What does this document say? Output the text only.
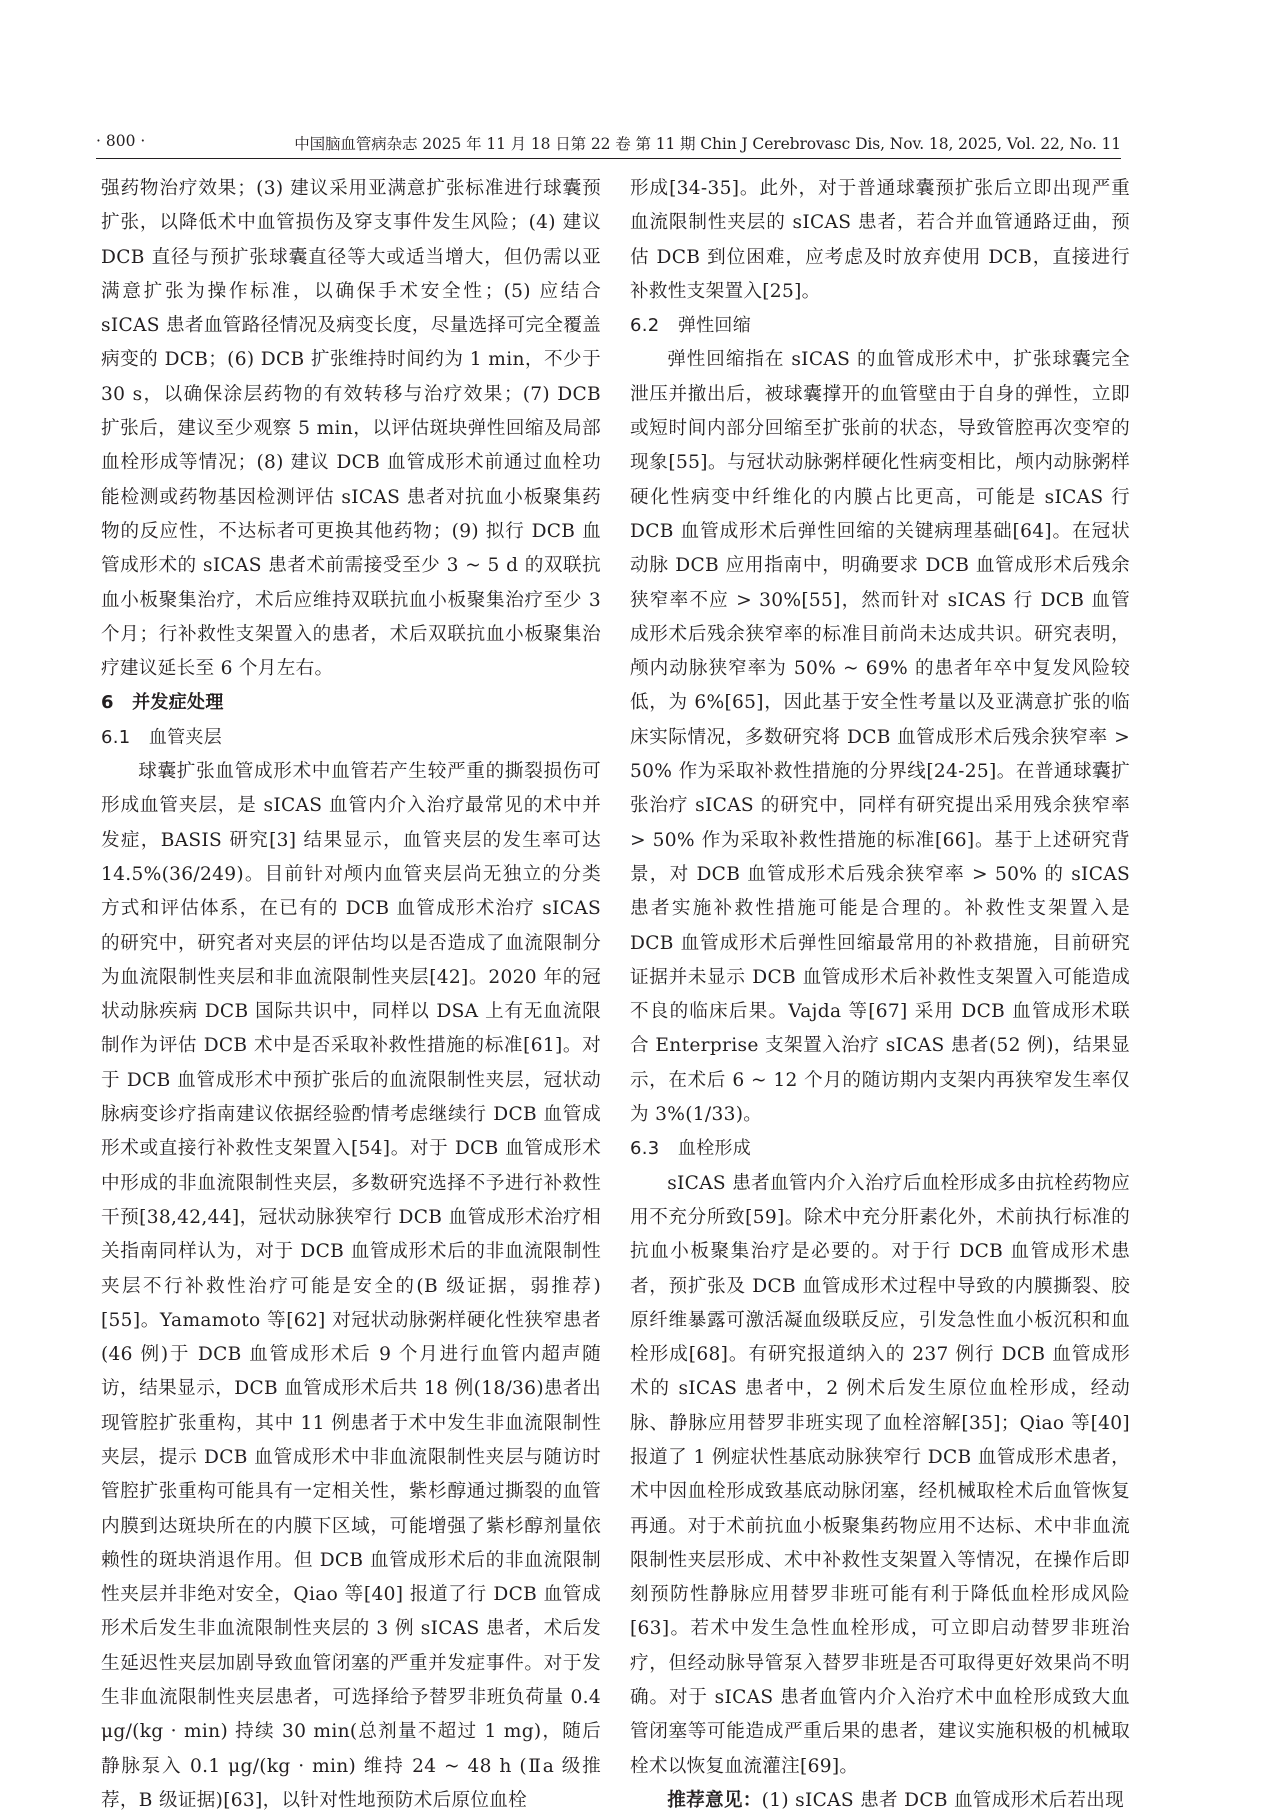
· 800 ·	中国脑血管病杂志 2025 年 11 月 18 日第 22 卷 第 11 期 Chin J Cerebrovasc Dis, Nov. 18, 2025, Vol. 22, No. 11

强药物治疗效果；(3) 建议采用亚满意扩张标准进行球囊预扩张，以降低术中血管损伤及穿支事件发生风险；(4) 建议 DCB 直径与预扩张球囊直径等大或适当增大，但仍需以亚满意扩张为操作标准，以确保手术安全性；(5) 应结合 sICAS 患者血管路径情况及病变长度，尽量选择可完全覆盖病变的 DCB；(6) DCB 扩张维持时间约为 1 min，不少于 30 s，以确保涂层药物的有效转移与治疗效果；(7) DCB 扩张后，建议至少观察 5 min，以评估斑块弹性回缩及局部血栓形成等情况；(8) 建议 DCB 血管成形术前通过血栓功能检测或药物基因检测评估 sICAS 患者对抗血小板聚集药物的反应性，不达标者可更换其他药物；(9) 拟行 DCB 血管成形术的 sICAS 患者术前需接受至少 3 ~ 5 d 的双联抗血小板聚集治疗，术后应维持双联抗血小板聚集治疗至少 3 个月；行补救性支架置入的患者，术后双联抗血小板聚集治疗建议延长至 6 个月左右。

6　并发症处理
6.1　血管夹层

球囊扩张血管成形术中血管若产生较严重的撕裂损伤可形成血管夹层，是 sICAS 血管内介入治疗最常见的术中并发症，BASIS 研究[3] 结果显示，血管夹层的发生率可达 14.5%(36/249)。目前针对颅内血管夹层尚无独立的分类方式和评估体系，在已有的 DCB 血管成形术治疗 sICAS 的研究中，研究者对夹层的评估均以是否造成了血流限制分为血流限制性夹层和非血流限制性夹层[42]。2020 年的冠状动脉疾病 DCB 国际共识中，同样以 DSA 上有无血流限制作为评估 DCB 术中是否采取补救性措施的标准[61]。对于 DCB 血管成形术中预扩张后的血流限制性夹层，冠状动脉病变诊疗指南建议依据经验酌情考虑继续行 DCB 血管成形术或直接行补救性支架置入[54]。对于 DCB 血管成形术中形成的非血流限制性夹层，多数研究选择不予进行补救性干预[38,42,44]，冠状动脉狭窄行 DCB 血管成形术治疗相关指南同样认为，对于 DCB 血管成形术后的非血流限制性夹层不行补救性治疗可能是安全的(B 级证据，弱推荐)[55]。Yamamoto 等[62] 对冠状动脉粥样硬化性狭窄患者(46 例)于 DCB 血管成形术后 9 个月进行血管内超声随访，结果显示，DCB 血管成形术后共 18 例(18/36)患者出现管腔扩张重构，其中 11 例患者于术中发生非血流限制性夹层，提示 DCB 血管成形术中非血流限制性夹层与随访时管腔扩张重构可能具有一定相关性，紫杉醇通过撕裂的血管内膜到达斑块所在的内膜下区域，可能增强了紫杉醇剂量依赖性的斑块消退作用。但 DCB 血管成形术后的非血流限制性夹层并非绝对安全，Qiao 等[40] 报道了行 DCB 血管成形术后发生非血流限制性夹层的 3 例 sICAS 患者，术后发生延迟性夹层加剧导致血管闭塞的严重并发症事件。对于发生非血流限制性夹层患者，可选择给予替罗非班负荷量 0.4 μg/(kg · min) 持续 30 min(总剂量不超过 1 mg)，随后静脉泵入 0.1 μg/(kg · min) 维持 24 ~ 48 h (Ⅱa 级推荐，B 级证据)[63]，以针对性地预防术后原位血栓

形成[34-35]。此外，对于普通球囊预扩张后立即出现严重血流限制性夹层的 sICAS 患者，若合并血管通路迂曲，预估 DCB 到位困难，应考虑及时放弃使用 DCB，直接进行补救性支架置入[25]。

6.2　弹性回缩

弹性回缩指在 sICAS 的血管成形术中，扩张球囊完全泄压并撤出后，被球囊撑开的血管壁由于自身的弹性，立即或短时间内部分回缩至扩张前的状态，导致管腔再次变窄的现象[55]。与冠状动脉粥样硬化性病变相比，颅内动脉粥样硬化性病变中纤维化的内膜占比更高，可能是 sICAS 行 DCB 血管成形术后弹性回缩的关键病理基础[64]。在冠状动脉 DCB 应用指南中，明确要求 DCB 血管成形术后残余狭窄率不应 > 30%[55]，然而针对 sICAS 行 DCB 血管成形术后残余狭窄率的标准目前尚未达成共识。研究表明，颅内动脉狭窄率为 50% ~ 69% 的患者年卒中复发风险较低，为 6%[65]，因此基于安全性考量以及亚满意扩张的临床实际情况，多数研究将 DCB 血管成形术后残余狭窄率 > 50% 作为采取补救性措施的分界线[24-25]。在普通球囊扩张治疗 sICAS 的研究中，同样有研究提出采用残余狭窄率 > 50% 作为采取补救性措施的标准[66]。基于上述研究背景，对 DCB 血管成形术后残余狭窄率 > 50% 的 sICAS 患者实施补救性措施可能是合理的。补救性支架置入是 DCB 血管成形术后弹性回缩最常用的补救措施，目前研究证据并未显示 DCB 血管成形术后补救性支架置入可能造成不良的临床后果。Vajda 等[67] 采用 DCB 血管成形术联合 Enterprise 支架置入治疗 sICAS 患者(52 例)，结果显示，在术后 6 ~ 12 个月的随访期内支架内再狭窄发生率仅为 3%(1/33)。

6.3　血栓形成

sICAS 患者血管内介入治疗后血栓形成多由抗栓药物应用不充分所致[59]。除术中充分肝素化外，术前执行标准的抗血小板聚集治疗是必要的。对于行 DCB 血管成形术患者，预扩张及 DCB 血管成形术过程中导致的内膜撕裂、胶原纤维暴露可激活凝血级联反应，引发急性血小板沉积和血栓形成[68]。有研究报道纳入的 237 例行 DCB 血管成形术的 sICAS 患者中，2 例术后发生原位血栓形成，经动脉、静脉应用替罗非班实现了血栓溶解[35]；Qiao 等[40] 报道了 1 例症状性基底动脉狭窄行 DCB 血管成形术患者，术中因血栓形成致基底动脉闭塞，经机械取栓术后血管恢复再通。对于术前抗血小板聚集药物应用不达标、术中非血流限制性夹层形成、术中补救性支架置入等情况，在操作后即刻预防性静脉应用替罗非班可能有利于降低血栓形成风险[63]。若术中发生急性血栓形成，可立即启动替罗非班治疗，但经动脉导管泵入替罗非班是否可取得更好效果尚不明确。对于 sICAS 患者血管内介入治疗术中血栓形成致大血管闭塞等可能造成严重后果的患者，建议实施积极的机械取栓术以恢复血流灌注[69]。

推荐意见：(1) sICAS 患者 DCB 血管成形术后若出现
